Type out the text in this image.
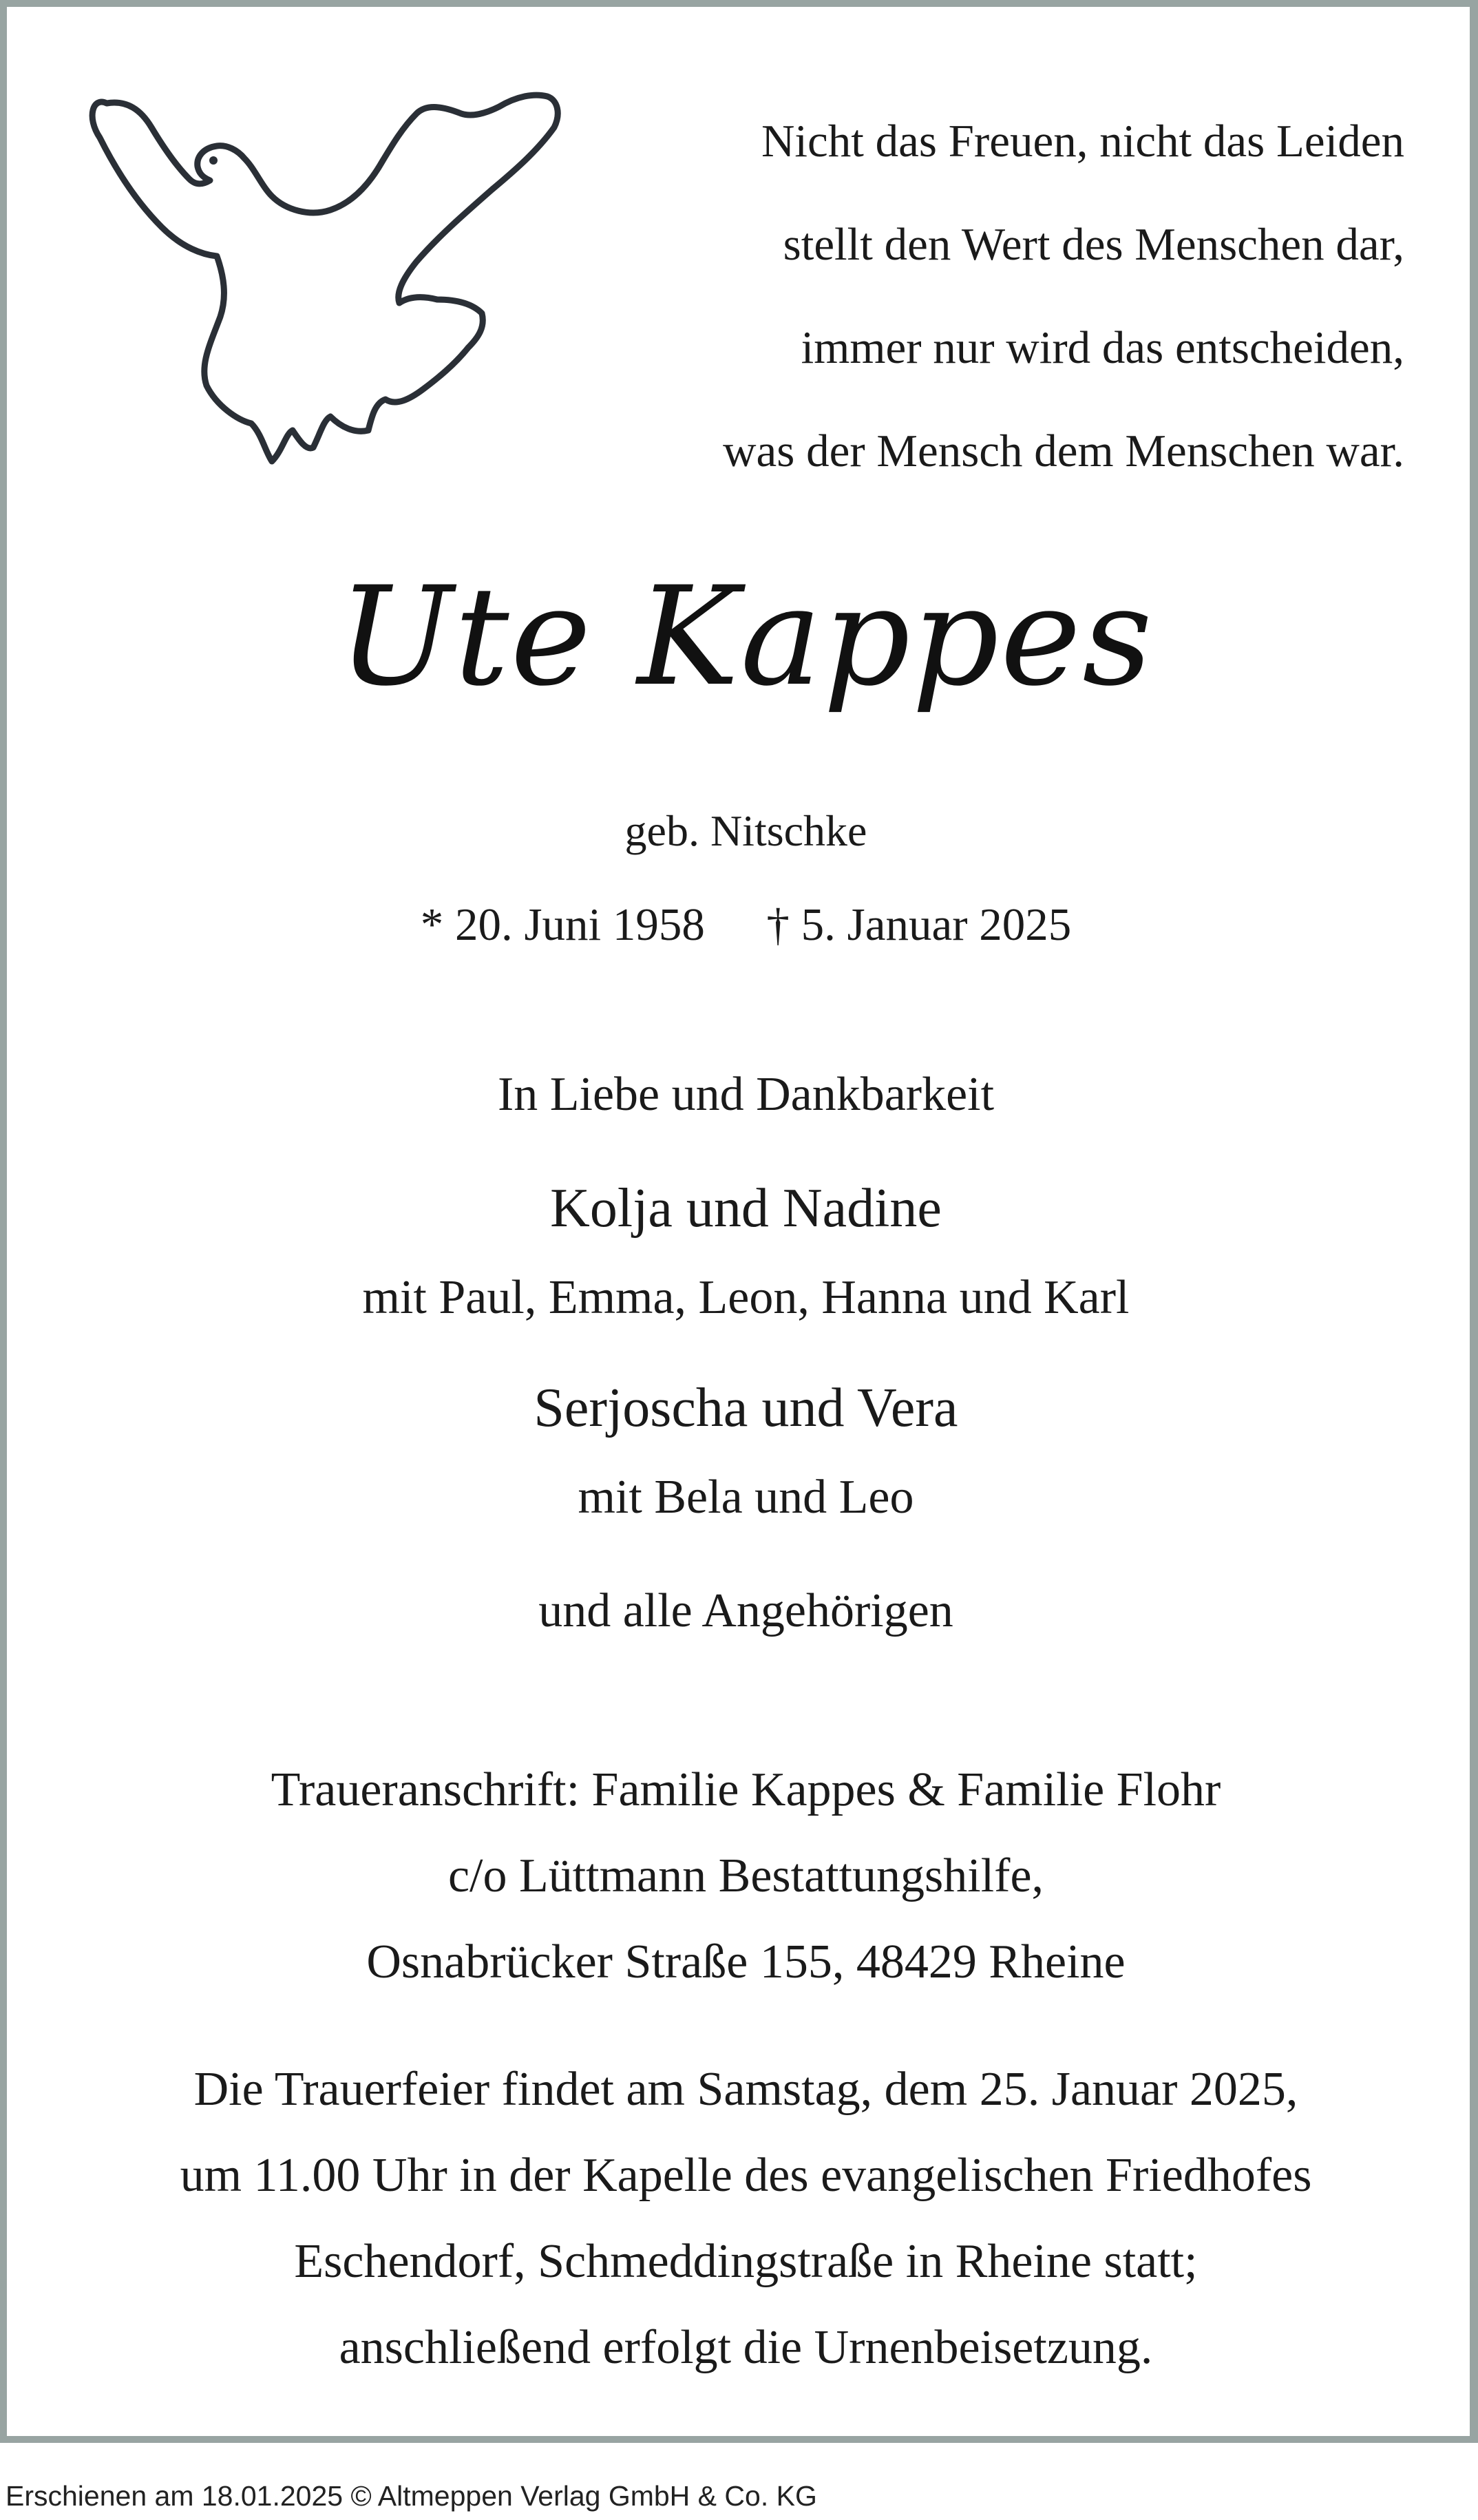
Nicht das Freuen, nicht das Leiden
stellt den Wert des Menschen dar,
immer nur wird das entscheiden,
was der Mensch dem Menschen war.
Ute Kappes
geb. Nitschke
* 20. Juni 1958 † 5. Januar 2025
In Liebe und Dankbarkeit
Kolja und Nadine
mit Paul, Emma, Leon, Hanna und Karl
Serjoscha und Vera
mit Bela und Leo
und alle Angehörigen
Traueranschrift: Familie Kappes & Familie Flohr
c/o Lüttmann Bestattungshilfe,
Osnabrücker Straße 155, 48429 Rheine
Die Trauerfeier findet am Samstag, dem 25. Januar 2025,
um 11.00 Uhr in der Kapelle des evangelischen Friedhofes
Eschendorf, Schmeddingstraße in Rheine statt;
anschließend erfolgt die Urnenbeisetzung.
Erschienen am 18.01.2025 © Altmeppen Verlag GmbH & Co. KG
